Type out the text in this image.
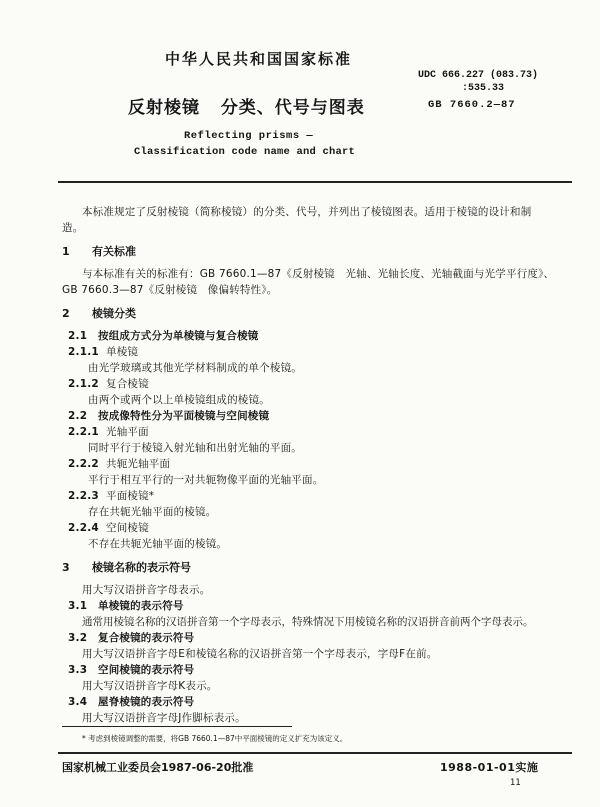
中华人民共和国国家标准
UDC 666.227 (083.73)
:535.33
反射棱镜   分类、代号与图表	GB 7660.2—87
Reflecting prisms —
Classification code name and chart
本标准规定了反射棱镜（简称棱镜）的分类、代号，并列出了棱镜图表。适用于棱镜的设计和制
造。
1 有关标准
与本标准有关的标准有：GB 7660.1—87《反射棱镜   光轴、光轴长度、光轴截面与光学平行度》、
GB 7660.3—87《反射棱镜   像偏转特性》。
2 棱镜分类
2.1 按组成方式分为单棱镜与复合棱镜
2.1.1 单棱镜
由光学玻璃或其他光学材料制成的单个棱镜。
2.1.2 复合棱镜
由两个或两个以上单棱镜组成的棱镜。
2.2 按成像特性分为平面棱镜与空间棱镜
2.2.1 光轴平面
同时平行于棱镜入射光轴和出射光轴的平面。
2.2.2 共轭光轴平面
平行于相互平行的一对共轭物像平面的光轴平面。
2.2.3 平面棱镜*
存在共轭光轴平面的棱镜。
2.2.4 空间棱镜
不存在共轭光轴平面的棱镜。
3 棱镜名称的表示符号
用大写汉语拼音字母表示。
3.1 单棱镜的表示符号
通常用棱镜名称的汉语拼音第一个字母表示，特殊情况下用棱镜名称的汉语拼音前两个字母表示。
3.2 复合棱镜的表示符号
用大写汉语拼音字母E和棱镜名称的汉语拼音第一个字母表示，字母F在前。
3.3 空间棱镜的表示符号
用大写汉语拼音字母K表示。
3.4 屋脊棱镜的表示符号
用大写汉语拼音字母J作脚标表示。
* 考虑到棱镜调整的需要，将GB 7660.1—87中平面棱镜的定义扩充为该定义。
国家机械工业委员会1987-06-20批准	1988-01-01实施
11
